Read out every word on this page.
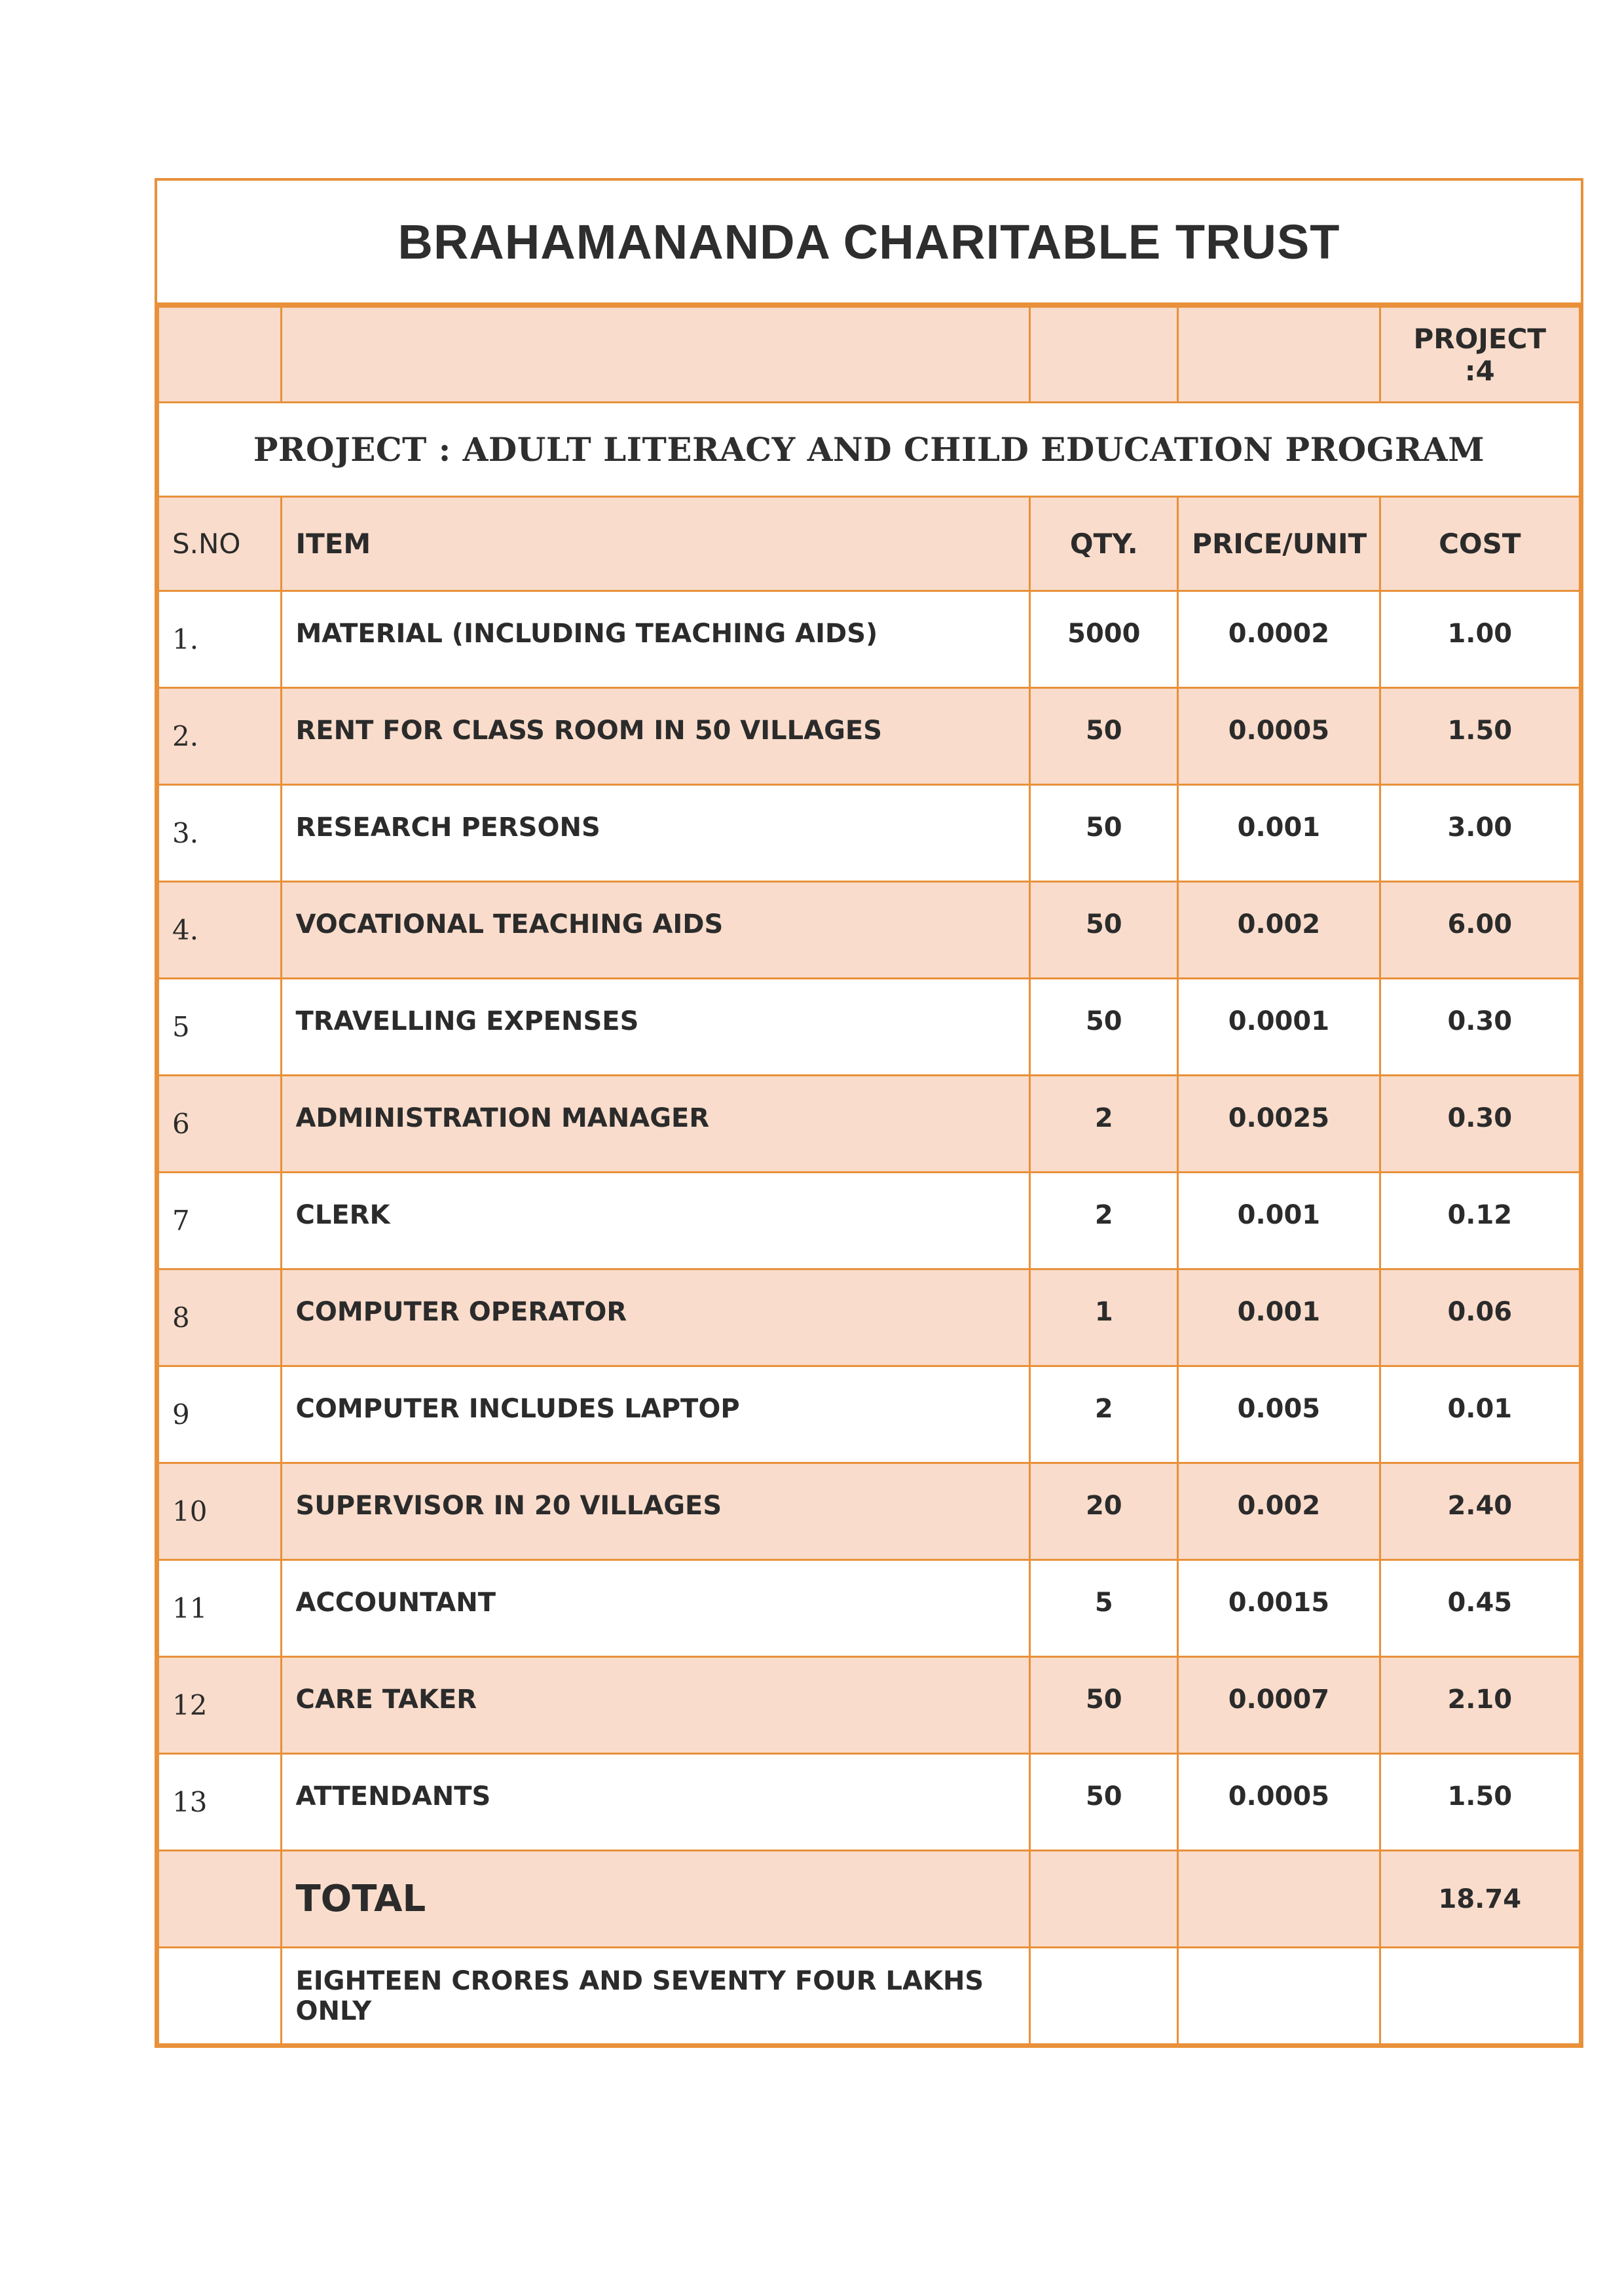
BRAHAMANANDA CHARITABLE TRUST
				PROJECT :4
PROJECT : ADULT LITERACY AND CHILD EDUCATION PROGRAM				
S.NO	ITEM	QTY.	PRICE/UNIT	COST
1.	MATERIAL (INCLUDING TEACHING AIDS)	5000	0.0002	1.00
2.	RENT FOR CLASS ROOM IN 50 VILLAGES	50	0.0005	1.50
3.	RESEARCH PERSONS	50	0.001	3.00
4.	VOCATIONAL TEACHING AIDS	50	0.002	6.00
5	TRAVELLING EXPENSES	50	0.0001	0.30
6	ADMINISTRATION MANAGER	2	0.0025	0.30
7	CLERK	2	0.001	0.12
8	COMPUTER OPERATOR	1	0.001	0.06
9	COMPUTER INCLUDES LAPTOP	2	0.005	0.01
10	SUPERVISOR IN 20 VILLAGES	20	0.002	2.40
11	ACCOUNTANT	5	0.0015	0.45
12	CARE TAKER	50	0.0007	2.10
13	ATTENDANTS	50	0.0005	1.50
	TOTAL			18.74
	EIGHTEEN CRORES AND SEVENTY FOUR LAKHS ONLY			
